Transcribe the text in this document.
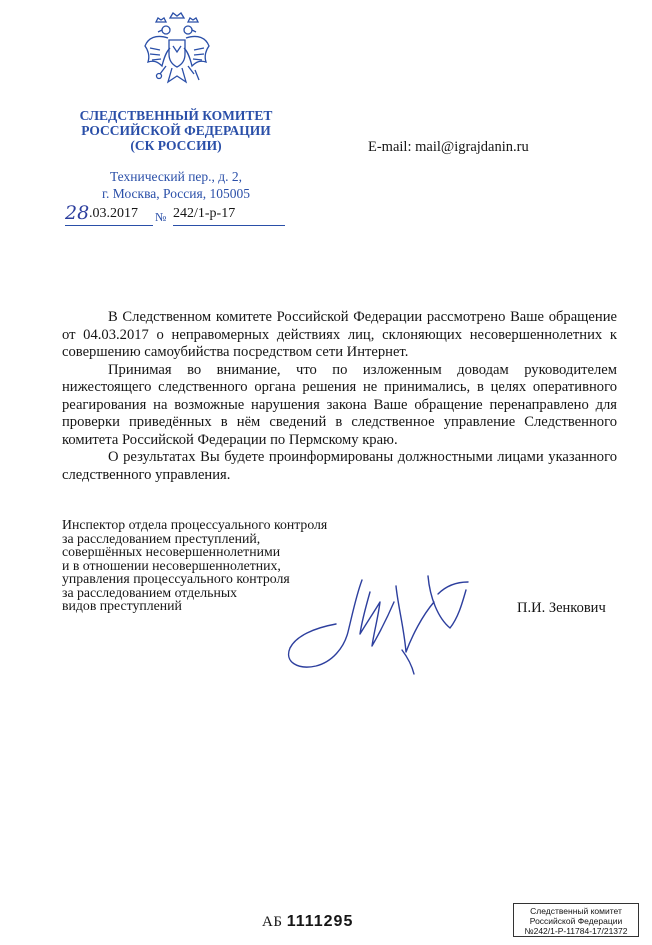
СЛЕДСТВЕННЫЙ КОМИТЕТ
РОССИЙСКОЙ ФЕДЕРАЦИИ
(СК РОССИИ)
Технический пер., д. 2,
г. Москва, Россия, 105005
E-mail: mail@igrajdanin.ru
28 .03.2017 № 242/1-р-17

В Следственном комитете Российской Федерации рассмотрено Ваше обращение от 04.03.2017 о неправомерных действиях лиц, склоняющих несовершеннолетних к совершению самоубийства посредством сети Интернет.

Принимая во внимание, что по изложенным доводам руководителем нижестоящего следственного органа решения не принимались, в целях оперативного реагирования на возможные нарушения закона Ваше обращение перенаправлено для проверки приведённых в нём сведений в следственное управление Следственного комитета Российской Федерации по Пермскому краю.

О результатах Вы будете проинформированы должностными лицами указанного следственного управления.

Инспектор отдела процессуального контроля
за расследованием преступлений,
совершённых несовершеннолетними
и в отношении несовершеннолетних,
управления процессуального контроля
за расследованием отдельных
видов преступлений	П.И. Зенкович
АБ 1111295
Следственный комитет
Российской Федерации
№242/1-Р-11784-17/21372
